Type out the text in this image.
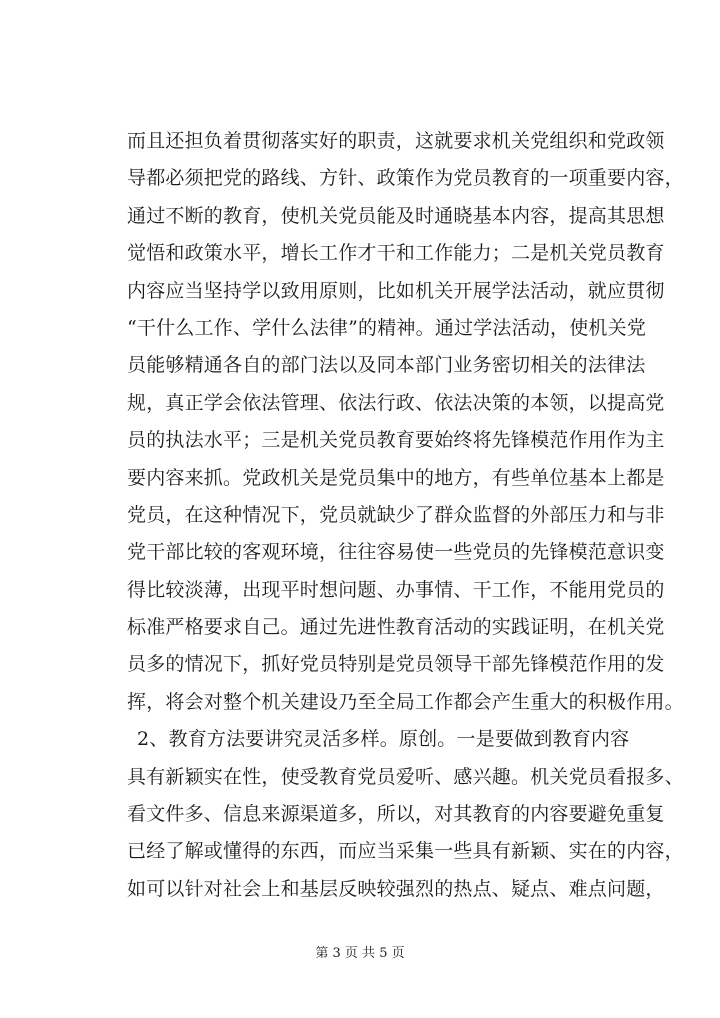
而且还担负着贯彻落实好的职责，这就要求机关党组织和党政领
导都必须把党的路线、方针、政策作为党员教育的一项重要内容，
通过不断的教育，使机关党员能及时通晓基本内容，提高其思想
觉悟和政策水平，增长工作才干和工作能力；二是机关党员教育
内容应当坚持学以致用原则，比如机关开展学法活动，就应贯彻
“干什么工作、学什么法律”的精神。通过学法活动，使机关党
员能够精通各自的部门法以及同本部门业务密切相关的法律法
规，真正学会依法管理、依法行政、依法决策的本领，以提高党
员的执法水平；三是机关党员教育要始终将先锋模范作用作为主
要内容来抓。党政机关是党员集中的地方，有些单位基本上都是
党员，在这种情况下，党员就缺少了群众监督的外部压力和与非
党干部比较的客观环境，往往容易使一些党员的先锋模范意识变
得比较淡薄，出现平时想问题、办事情、干工作，不能用党员的
标准严格要求自己。通过先进性教育活动的实践证明，在机关党
员多的情况下，抓好党员特别是党员领导干部先锋模范作用的发
挥，将会对整个机关建设乃至全局工作都会产生重大的积极作用。
2、教育方法要讲究灵活多样。原创。一是要做到教育内容
具有新颖实在性，使受教育党员爱听、感兴趣。机关党员看报多、
看文件多、信息来源渠道多，所以，对其教育的内容要避免重复
已经了解或懂得的东西，而应当采集一些具有新颖、实在的内容，
如可以针对社会上和基层反映较强烈的热点、疑点、难点问题，
第 3 页 共 5 页
